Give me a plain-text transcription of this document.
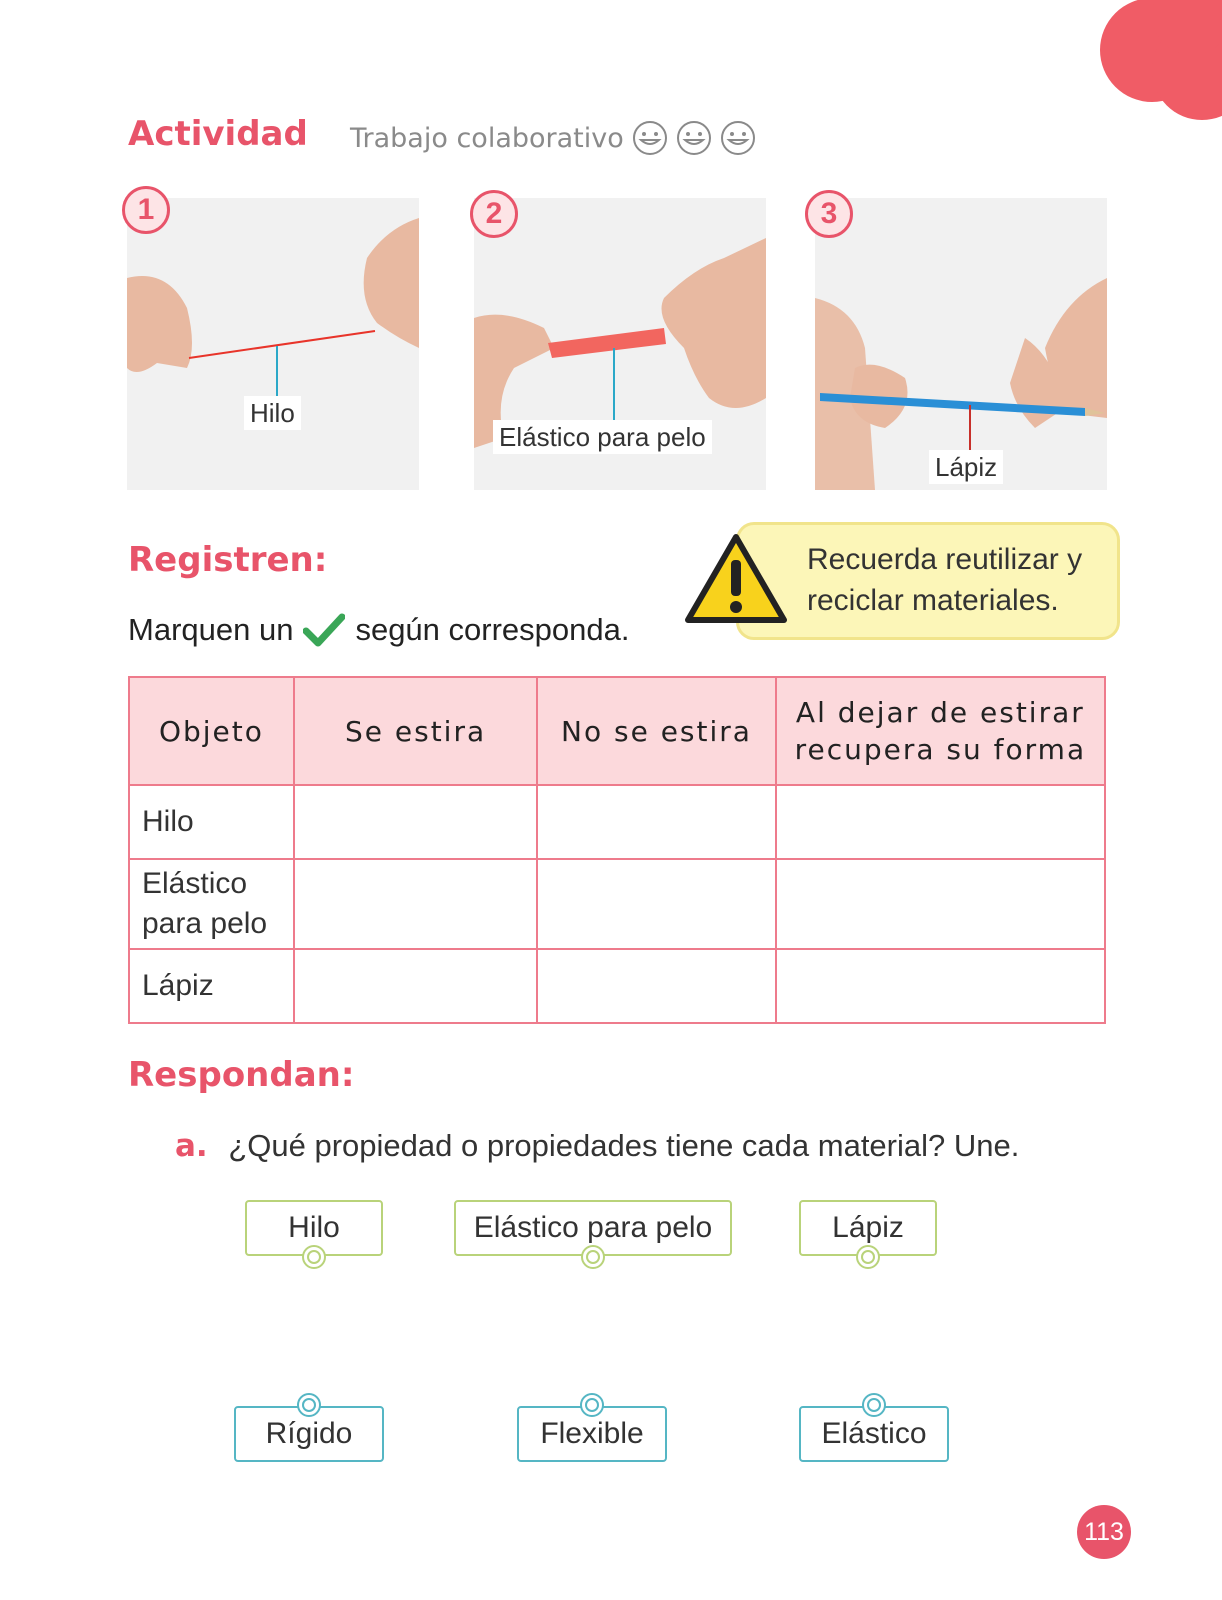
Actividad Trabajo colaborativo
Hilo
1
Elástico para pelo
2
Lápiz
3
Registren:
Marquen un según corresponda.
Recuerda reutilizar y
reciclar materiales.
Objeto	Se estira	No se estira	Al dejar de estirar
recupera su forma

Hilo			

Elástico
para pelo			

Lápiz			
Respondan:
a. ¿Qué propiedad o propiedades tiene cada material? Une.
Hilo	Elástico para pelo	Lápiz
Rígido	Flexible	Elástico
113
